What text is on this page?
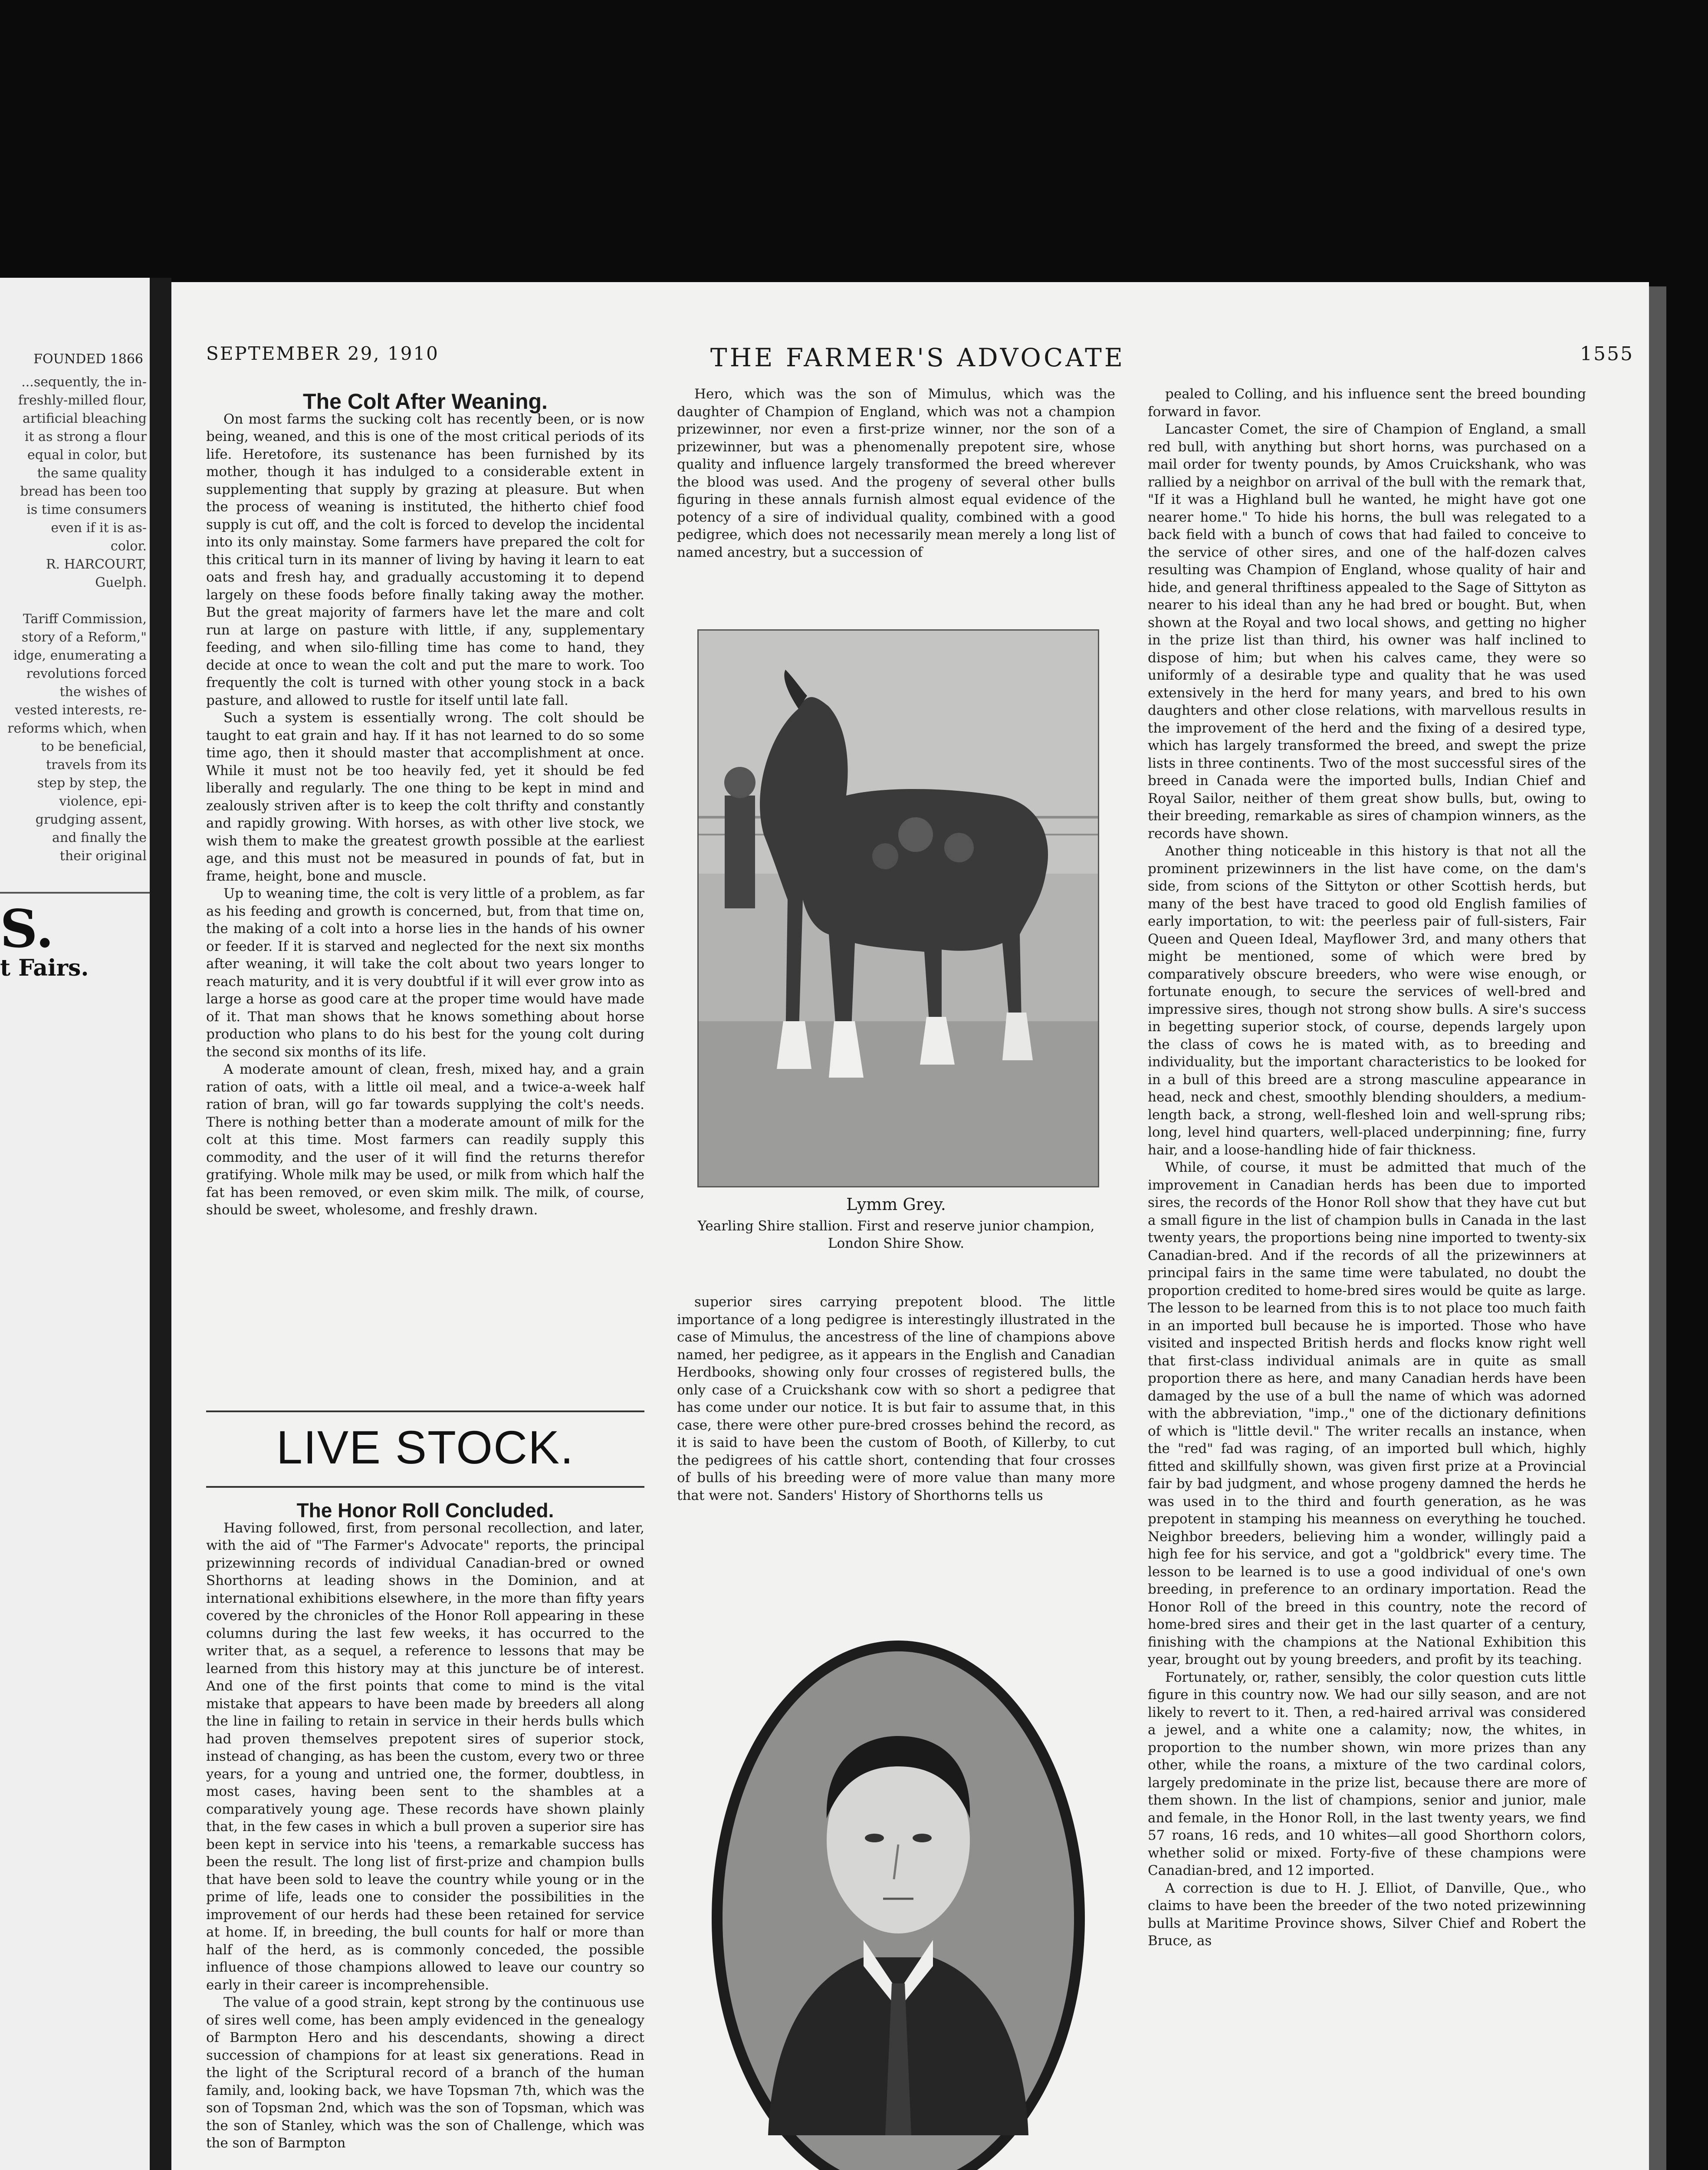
FOUNDED 1866
...sequently, the in-
freshly-milled flour,
artificial bleaching
it as strong a flour
equal in color, but
the same quality
bread has been too
is time consumers
even if it is as-
color.
R. HARCOURT,
Guelph.

Tariff Commission,
story of a Reform,"
idge, enumerating a
revolutions forced
the wishes of
vested interests, re-
reforms which, when
to be beneficial,
travels from its
step by step, the
violence, epi-
grudging assent,
and finally the
their original
S.
t Fairs.
SEPTEMBER 29, 1910	THE FARMER'S ADVOCATE	1555

The Colt After Weaning.

On most farms the sucking colt has recently been, or is now being, weaned, and this is one of the most critical periods of its life. Heretofore, its sustenance has been furnished by its mother, though it has indulged to a considerable extent in supplementing that supply by grazing at pleasure. But when the process of weaning is instituted, the hitherto chief food supply is cut off, and the colt is forced to develop the incidental into its only mainstay. Some farmers have prepared the colt for this critical turn in its manner of living by having it learn to eat oats and fresh hay, and gradually accustoming it to depend largely on these foods before finally taking away the mother. But the great majority of farmers have let the mare and colt run at large on pasture with little, if any, supplementary feeding, and when silo-filling time has come to hand, they decide at once to wean the colt and put the mare to work. Too frequently the colt is turned with other young stock in a back pasture, and allowed to rustle for itself until late fall.

Such a system is essentially wrong. The colt should be taught to eat grain and hay. If it has not learned to do so some time ago, then it should master that accomplishment at once. While it must not be too heavily fed, yet it should be fed liberally and regularly. The one thing to be kept in mind and zealously striven after is to keep the colt thrifty and constantly and rapidly growing. With horses, as with other live stock, we wish them to make the greatest growth possible at the earliest age, and this must not be measured in pounds of fat, but in frame, height, bone and muscle.

Up to weaning time, the colt is very little of a problem, as far as his feeding and growth is concerned, but, from that time on, the making of a colt into a horse lies in the hands of his owner or feeder. If it is starved and neglected for the next six months after weaning, it will take the colt about two years longer to reach maturity, and it is very doubtful if it will ever grow into as large a horse as good care at the proper time would have made of it. That man shows that he knows something about horse production who plans to do his best for the young colt during the second six months of its life.

A moderate amount of clean, fresh, mixed hay, and a grain ration of oats, with a little oil meal, and a twice-a-week half ration of bran, will go far towards supplying the colt's needs. There is nothing better than a moderate amount of milk for the colt at this time. Most farmers can readily supply this commodity, and the user of it will find the returns therefor gratifying. Whole milk may be used, or milk from which half the fat has been removed, or even skim milk. The milk, of course, should be sweet, wholesome, and freshly drawn.

LIVE STOCK.

The Honor Roll Concluded.

Having followed, first, from personal recollection, and later, with the aid of "The Farmer's Advocate" reports, the principal prizewinning records of individual Canadian-bred or owned Shorthorns at leading shows in the Dominion, and at international exhibitions elsewhere, in the more than fifty years covered by the chronicles of the Honor Roll appearing in these columns during the last few weeks, it has occurred to the writer that, as a sequel, a reference to lessons that may be learned from this history may at this juncture be of interest. And one of the first points that come to mind is the vital mistake that appears to have been made by breeders all along the line in failing to retain in service in their herds bulls which had proven themselves prepotent sires of superior stock, instead of changing, as has been the custom, every two or three years, for a young and untried one, the former, doubtless, in most cases, having been sent to the shambles at a comparatively young age. These records have shown plainly that, in the few cases in which a bull proven a superior sire has been kept in service into his 'teens, a remarkable success has been the result. The long list of first-prize and champion bulls that have been sold to leave the country while young or in the prime of life, leads one to consider the possibilities in the improvement of our herds had these been retained for service at home. If, in breeding, the bull counts for half or more than half of the herd, as is commonly conceded, the possible influence of those champions allowed to leave our country so early in their career is incomprehensible.

The value of a good strain, kept strong by the continuous use of sires well come, has been amply evidenced in the genealogy of Barmpton Hero and his descendants, showing a direct succession of champions for at least six generations. Read in the light of the Scriptural record of a branch of the human family, and, looking back, we have Topsman 7th, which was the son of Topsman 2nd, which was the son of Topsman, which was the son of Stanley, which was the son of Challenge, which was the son of Barmpton

Hero, which was the son of Mimulus, which was the daughter of Champion of England, which was not a champion prizewinner, nor even a first-prize winner, nor the son of a prizewinner, but was a phenomenally prepotent sire, whose quality and influence largely transformed the breed wherever the blood was used. And the progeny of several other bulls figuring in these annals furnish almost equal evidence of the potency of a sire of individual quality, combined with a good pedigree, which does not necessarily mean merely a long list of named ancestry, but a succession of

Lymm Grey.
Yearling Shire stallion. First and reserve junior champion, London Shire Show.

superior sires carrying prepotent blood. The little importance of a long pedigree is interestingly illustrated in the case of Mimulus, the ancestress of the line of champions above named, her pedigree, as it appears in the English and Canadian Herdbooks, showing only four crosses of registered bulls, the only case of a Cruickshank cow with so short a pedigree that has come under our notice. It is but fair to assume that, in this case, there were other pure-bred crosses behind the record, as it is said to have been the custom of Booth, of Killerby, to cut the pedigrees of his cattle short, contending that four crosses of bulls of his breeding were of more value than many more that were not. Sanders' History of Shorthorns tells us

pealed to Colling, and his influence sent the breed bounding forward in favor.

Lancaster Comet, the sire of Champion of England, a small red bull, with anything but short horns, was purchased on a mail order for twenty pounds, by Amos Cruickshank, who was rallied by a neighbor on arrival of the bull with the remark that, "If it was a Highland bull he wanted, he might have got one nearer home." To hide his horns, the bull was relegated to a back field with a bunch of cows that had failed to conceive to the service of other sires, and one of the half-dozen calves resulting was Champion of England, whose quality of hair and hide, and general thriftiness appealed to the Sage of Sittyton as nearer to his ideal than any he had bred or bought. But, when shown at the Royal and two local shows, and getting no higher in the prize list than third, his owner was half inclined to dispose of him; but when his calves came, they were so uniformly of a desirable type and quality that he was used extensively in the herd for many years, and bred to his own daughters and other close relations, with marvellous results in the improvement of the herd and the fixing of a desired type, which has largely transformed the breed, and swept the prize lists in three continents. Two of the most successful sires of the breed in Canada were the imported bulls, Indian Chief and Royal Sailor, neither of them great show bulls, but, owing to their breeding, remarkable as sires of champion winners, as the records have shown.

Another thing noticeable in this history is that not all the prominent prizewinners in the list have come, on the dam's side, from scions of the Sittyton or other Scottish herds, but many of the best have traced to good old English families of early importation, to wit: the peerless pair of full-sisters, Fair Queen and Queen Ideal, Mayflower 3rd, and many others that might be mentioned, some of which were bred by comparatively obscure breeders, who were wise enough, or fortunate enough, to secure the services of well-bred and impressive sires, though not strong show bulls. A sire's success in begetting superior stock, of course, depends largely upon the class of cows he is mated with, as to breeding and individuality, but the important characteristics to be looked for in a bull of this breed are a strong masculine appearance in head, neck and chest, smoothly blending shoulders, a medium-length back, a strong, well-fleshed loin and well-sprung ribs; long, level hind quarters, well-placed underpinning; fine, furry hair, and a loose-handling hide of fair thickness.

While, of course, it must be admitted that much of the improvement in Canadian herds has been due to imported sires, the records of the Honor Roll show that they have cut but a small figure in the list of champion bulls in Canada in the last twenty years, the proportions being nine imported to twenty-six Canadian-bred. And if the records of all the prizewinners at principal fairs in the same time were tabulated, no doubt the proportion credited to home-bred sires would be quite as large. The lesson to be learned from this is to not place too much faith in an imported bull because he is imported. Those who have visited and inspected British herds and flocks know right well that first-class individual animals are in quite as small proportion there as here, and many Canadian herds have been damaged by the use of a bull the name of which was adorned with the abbreviation, "imp.," one of the dictionary definitions of which is "little devil." The writer recalls an instance, when the "red" fad was raging, of an imported bull which, highly fitted and skillfully shown, was given first prize at a Provincial fair by bad judgment, and whose progeny damned the herds he was used in to the third and fourth generation, as he was prepotent in stamping his meanness on everything he touched. Neighbor breeders, believing him a wonder, willingly paid a high fee for his service, and got a "goldbrick" every time. The lesson to be learned is to use a good individual of one's own breeding, in preference to an ordinary importation. Read the Honor Roll of the breed in this country, note the record of home-bred sires and their get in the last quarter of a century, finishing with the champions at the National Exhibition this year, brought out by young breeders, and profit by its teaching.

Fortunately, or, rather, sensibly, the color question cuts little figure in this country now. We had our silly season, and are not likely to revert to it. Then, a red-haired arrival was considered a jewel, and a white one a calamity; now, the whites, in proportion to the number shown, win more prizes than any other, while the roans, a mixture of the two cardinal colors, largely predominate in the prize list, because there are more of them shown. In the list of champions, senior and junior, male and female, in the Honor Roll, in the last twenty years, we find 57 roans, 16 reds, and 10 whites—all good Shorthorn colors, whether solid or mixed. Forty-five of these champions were Canadian-bred, and 12 imported.

A correction is due to H. J. Elliot, of Danville, Que., who claims to have been the breeder of the two noted prizewinning bulls at Maritime Province shows, Silver Chief and Robert the Bruce, as
